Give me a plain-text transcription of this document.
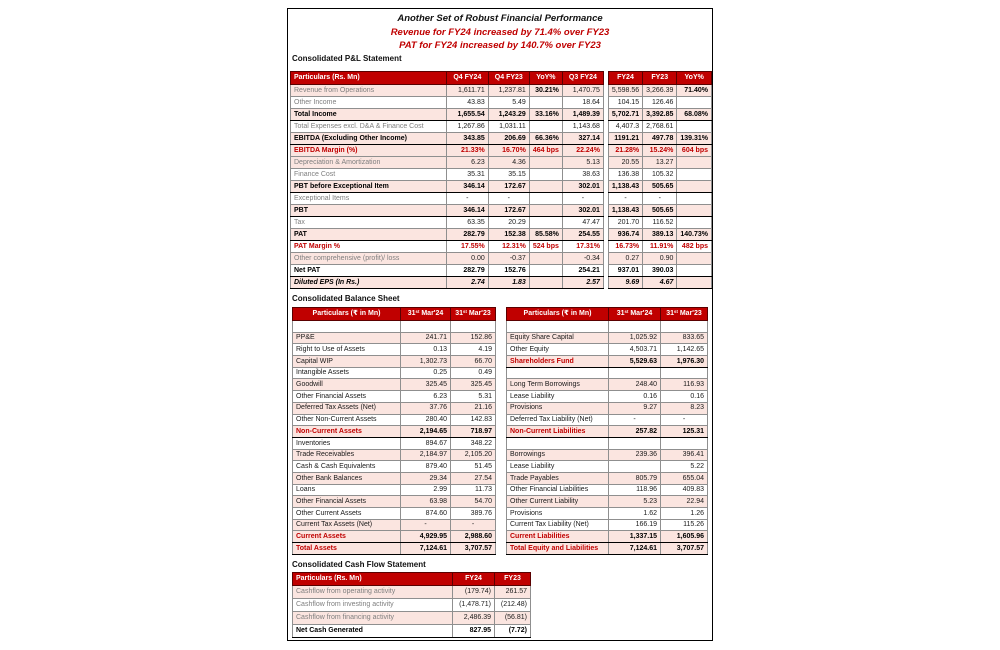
Another Set of Robust Financial Performance
Revenue for FY24 increased by 71.4% over FY23
PAT for FY24 increased by 140.7% over FY23
Consolidated P&L Statement
Particulars (Rs. Mn)	Q4 FY24	Q4 FY23	YoY%	Q3 FY24
Revenue from Operations	1,611.71	1,237.81	30.21%	1,470.75
Other Income	43.83	5.49		18.64
Total Income	1,655.54	1,243.29	33.16%	1,489.39
Total Expenses excl. D&A & Finance Cost	1,267.86	1,031.11		1,143.68
EBITDA (Excluding Other Income)	343.85	206.69	66.36%	327.14
EBITDA Margin (%)	21.33%	16.70%	464 bps	22.24%
Depreciation & Amortization	6.23	4.36		5.13
Finance Cost	35.31	35.15		38.63
PBT before Exceptional Item	346.14	172.67		302.01
Exceptional Items	-	-		-
PBT	346.14	172.67		302.01
Tax	63.35	20.29		47.47
PAT	282.79	152.38	85.58%	254.55
PAT Margin %	17.55%	12.31%	524 bps	17.31%
Other comprehensive (profit)/ loss	0.00	-0.37		-0.34
Net PAT	282.79	152.76		254.21
Diluted EPS (In Rs.)	2.74	1.83		2.57
FY24	FY23	YoY%
5,598.56	3,266.39	71.40%
104.15	126.46	
5,702.71	3,392.85	68.08%
4,407.3	2,768.61	
1191.21	497.78	139.31%
21.28%	15.24%	604 bps
20.55	13.27	
136.38	105.32	
1,138.43	505.65	
-	-	
1,138.43	505.65	
201.70	116.52	
936.74	389.13	140.73%
16.73%	11.91%	482 bps
0.27	0.90	
937.01	390.03	
9.69	4.67	
Consolidated Balance Sheet
Particulars (₹ in Mn)	31st Mar'24	31st Mar'23

PP&E	241.71	152.86
Right to Use of Assets	0.13	4.19
Capital WIP	1,302.73	66.70
Intangible Assets	0.25	0.49
Goodwill	325.45	325.45
Other Financial Assets	6.23	5.31
Deferred Tax Assets (Net)	37.76	21.16
Other Non-Current Assets	280.40	142.83
Non-Current Assets	2,194.65	718.97
Inventories	894.67	348.22
Trade Receivables	2,184.97	2,105.20
Cash & Cash Equivalents	879.40	51.45
Other Bank Balances	29.34	27.54
Loans	2.99	11.73
Other Financial Assets	63.98	54.70
Other Current Assets	874.60	389.76
Current Tax Assets (Net)	-	-
Current Assets	4,929.95	2,988.60
Total Assets	7,124.61	3,707.57
Particulars (₹ in Mn)	31st Mar'24	31st Mar'23

Equity Share Capital	1,025.92	833.65
Other Equity	4,503.71	1,142.65
Shareholders Fund	5,529.63	1,976.30

Long Term Borrowings	248.40	116.93
Lease Liability	0.16	0.16
Provisions	9.27	8.23
Deferred Tax Liability (Net)	-	-
Non-Current Liabilities	257.82	125.31

Borrowings	239.36	396.41
Lease Liability		5.22
Trade Payables	805.79	655.04
Other Financial Liabilities	118.96	409.83
Other Current Liability	5.23	22.94
Provisions	1.62	1.26
Current Tax Liability (Net)	166.19	115.26
Current Liabilities	1,337.15	1,605.96
Total Equity and Liabilities	7,124.61	3,707.57
Consolidated Cash Flow Statement
Particulars (Rs. Mn)	FY24	FY23
Cashflow from operating activity	(179.74)	261.57
Cashflow from investing activity	(1,478.71)	(212.48)
Cashflow from financing activity	2,486.39	(56.81)
Net Cash Generated	827.95	(7.72)
